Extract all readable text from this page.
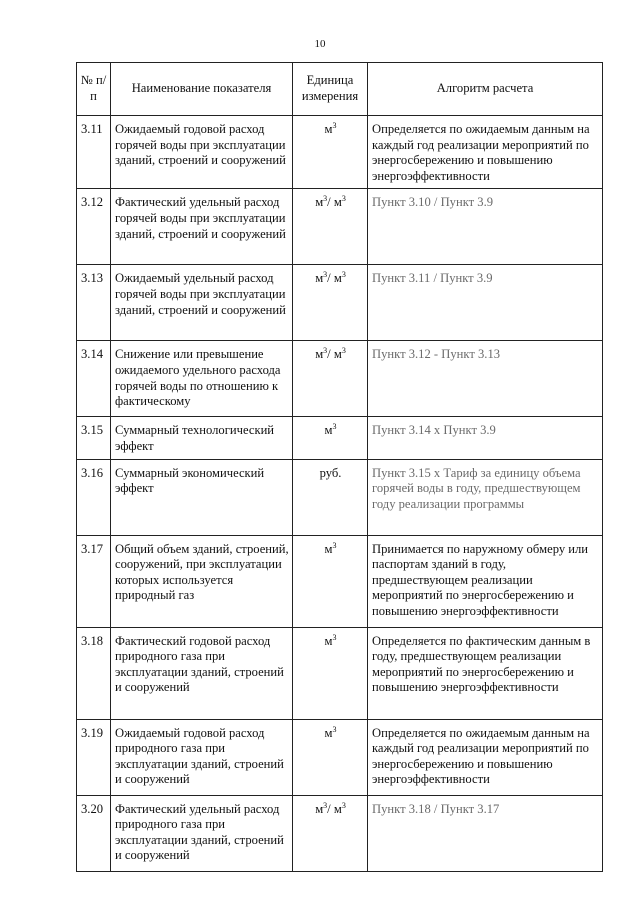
10
№ п/п	Наименование показателя	Единица измерения	Алгоритм расчета
3.11	Ожидаемый годовой расход горячей воды при эксплуатации зданий, строений и сооружений	$м^3$	Определяется по ожидаемым данным на каждый год реализации мероприятий по энергосбережению и повышению энергоэффективности
3.12	Фактический удельный расход горячей воды при эксплуатации зданий, строений и сооружений	$м^3/$ $м^3$	Пункт 3.10 / Пункт 3.9
3.13	Ожидаемый удельный расход горячей воды при эксплуатации зданий, строений и сооружений	$м^3/$ $м^3$	Пункт 3.11 / Пункт 3.9
3.14	Снижение или превышение ожидаемого удельного расхода горячей воды по отношению к фактическому	$м^3/$ $м^3$	Пункт 3.12 - Пункт 3.13
3.15	Суммарный технологический эффект	$м^3$	Пункт 3.14 х Пункт 3.9
3.16	Суммарный экономический эффект	руб.	Пункт 3.15 х Тариф за единицу объема горячей воды в году, предшествующем году реализации программы
3.17	Общий объем зданий, строений, сооружений, при эксплуатации которых используется природный газ	$м^3$	Принимается по наружному обмеру или паспортам зданий в году, предшествующем реализации мероприятий по энергосбережению и повышению энергоэффективности
3.18	Фактический годовой расход природного газа при эксплуатации зданий, строений и сооружений	$м^3$	Определяется по фактическим данным в году, предшествующем реализации мероприятий по энергосбережению и повышению энергоэффективности
3.19	Ожидаемый годовой расход природного газа при эксплуатации зданий, строений и сооружений	$м^3$	Определяется по ожидаемым данным на каждый год реализации мероприятий по энергосбережению и повышению энергоэффективности
3.20	Фактический удельный расход природного газа при эксплуатации зданий, строений и сооружений	$м^3/$ $м^3$	Пункт 3.18 / Пункт 3.17
